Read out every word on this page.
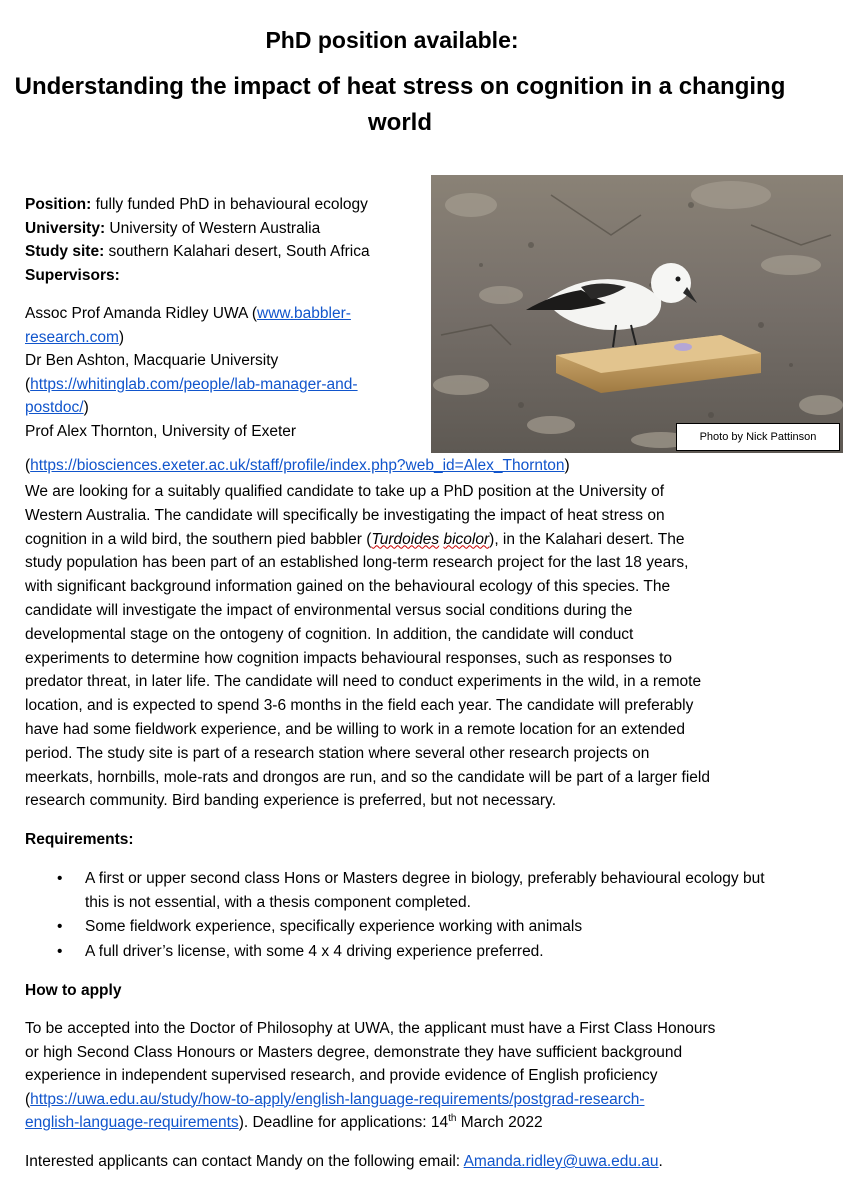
PhD position available:
Understanding the impact of heat stress on cognition in a changing
world
Position: fully funded PhD in behavioural ecology
University: University of Western Australia
Study site: southern Kalahari desert, South Africa
Supervisors:
Assoc Prof Amanda Ridley UWA (www.babbler-
research.com)
Dr Ben Ashton, Macquarie University
(https://whitinglab.com/people/lab-manager-and-
postdoc/)
Prof Alex Thornton, University of Exeter
(https://biosciences.exeter.ac.uk/staff/profile/index.php?web_id=Alex_Thornton)
Photo by Nick Pattinson
We are looking for a suitably qualified candidate to take up a PhD position at the University of
Western Australia. The candidate will specifically be investigating the impact of heat stress on
cognition in a wild bird, the southern pied babbler (Turdoides bicolor), in the Kalahari desert. The
study population has been part of an established long-term research project for the last 18 years,
with significant background information gained on the behavioural ecology of this species. The
candidate will investigate the impact of environmental versus social conditions during the
developmental stage on the ontogeny of cognition. In addition, the candidate will conduct
experiments to determine how cognition impacts behavioural responses, such as responses to
predator threat, in later life. The candidate will need to conduct experiments in the wild, in a remote
location, and is expected to spend 3-6 months in the field each year. The candidate will preferably
have had some fieldwork experience, and be willing to work in a remote location for an extended
period. The study site is part of a research station where several other research projects on
meerkats, hornbills, mole-rats and drongos are run, and so the candidate will be part of a larger field
research community. Bird banding experience is preferred, but not necessary.
Requirements:
• A first or upper second class Hons or Masters degree in biology, preferably behavioural ecology but this is not essential, with a thesis component completed.
• Some fieldwork experience, specifically experience working with animals
• A full driver’s license, with some 4 x 4 driving experience preferred.
How to apply
To be accepted into the Doctor of Philosophy at UWA, the applicant must have a First Class Honours
or high Second Class Honours or Masters degree, demonstrate they have sufficient background
experience in independent supervised research, and provide evidence of English proficiency
(https://uwa.edu.au/study/how-to-apply/english-language-requirements/postgrad-research-
english-language-requirements). Deadline for applications: 14th March 2022
Interested applicants can contact Mandy on the following email: Amanda.ridley@uwa.edu.au.
